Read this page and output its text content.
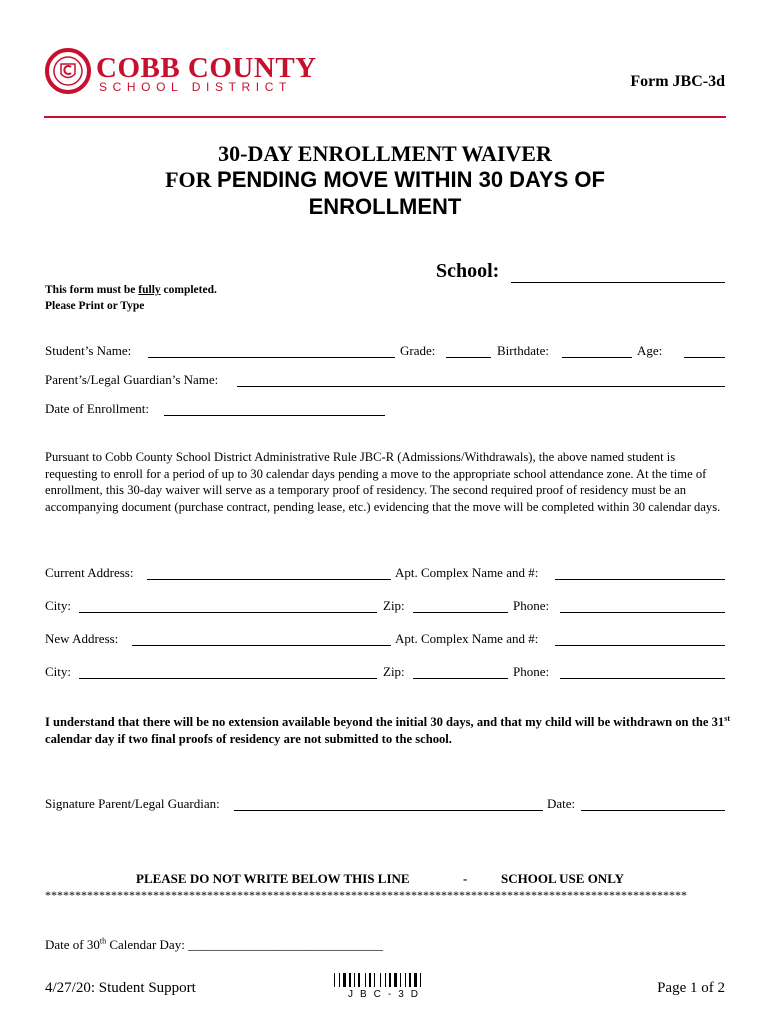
COBB COUNTY
SCHOOL DISTRICT	Form JBC-3d
30-DAY ENROLLMENT WAIVER
FOR PENDING MOVE WITHIN 30 DAYS OF
ENROLLMENT
School:
This form must be fully completed.
Please Print or Type
Student’s Name:	Grade:	Birthdate:	Age:
Parent’s/Legal Guardian’s Name:
Date of Enrollment:
Pursuant to Cobb County School District Administrative Rule JBC-R (Admissions/Withdrawals), the above named student is requesting to enroll for a period of up to 30 calendar days pending a move to the appropriate school attendance zone. At the time of enrollment, this 30-day waiver will serve as a temporary proof of residency. The second required proof of residency must be an accompanying document (purchase contract, pending lease, etc.) evidencing that the move will be completed within 30 calendar days.
Current Address:	Apt. Complex Name and #:
City:	Zip:	Phone:
New Address:	Apt. Complex Name and #:
City:	Zip:	Phone:
I understand that there will be no extension available beyond the initial 30 days, and that my child will be withdrawn on the 31st calendar day if two final proofs of residency are not submitted to the school.
Signature Parent/Legal Guardian:	Date:
PLEASE DO NOT WRITE BELOW THIS LINE	-	SCHOOL USE ONLY
***********************************************************************************************************
Date of 30th Calendar Day: ______________________________
4/27/20: Student Support	JBC-3D	Page 1 of 2
